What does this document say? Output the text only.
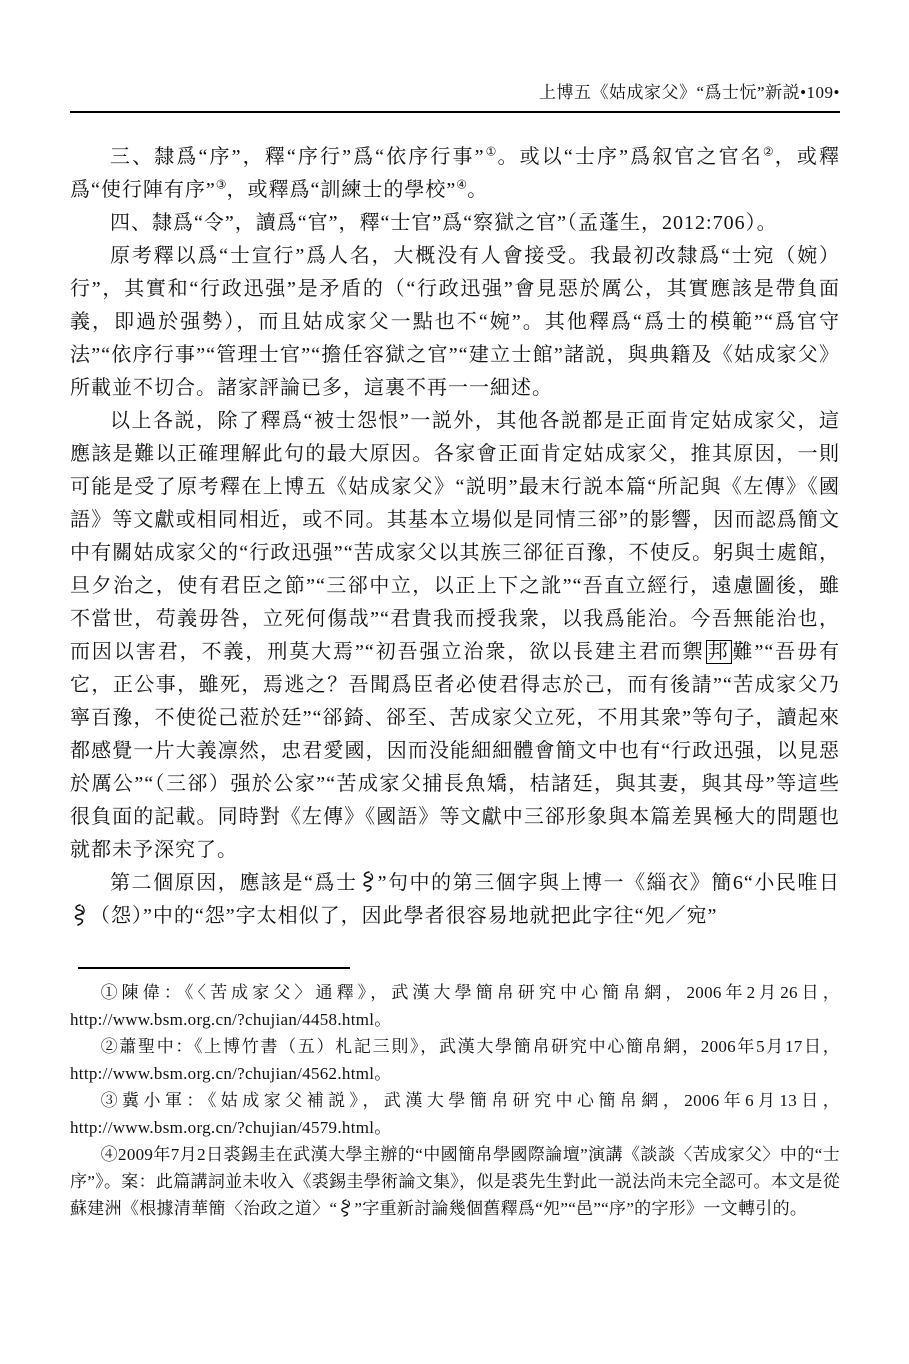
上博五《姑成家父》“爲士忨”新説•109•

三、隸爲“序”，釋“序行”爲“依序行事”①。或以“士序”爲叙官之官名②，或釋爲“使行陣有序”③，或釋爲“訓練士的學校”④。

四、隸爲“令”，讀爲“官”，釋“士官”爲“察獄之官”（孟蓬生，2012:706）。

原考釋以爲“士宣行”爲人名，大概没有人會接受。我最初改隸爲“士宛（婉）行”，其實和“行政迅强”是矛盾的（“行政迅强”會見惡於厲公，其實應該是帶負面義，即過於强勢），而且姑成家父一點也不“婉”。其他釋爲“爲士的模範”“爲官守法”“依序行事”“管理士官”“擔任容獄之官”“建立士館”諸説，與典籍及《姑成家父》所載並不切合。諸家評論已多，這裏不再一一細述。

以上各説，除了釋爲“被士怨恨”一説外，其他各説都是正面肯定姑成家父，這應該是難以正確理解此句的最大原因。各家會正面肯定姑成家父，推其原因，一則可能是受了原考釋在上博五《姑成家父》“説明”最末行説本篇“所記與《左傳》《國語》等文獻或相同相近，或不同。其基本立場似是同情三郤”的影響，因而認爲簡文中有關姑成家父的“行政迅强”“苦成家父以其族三郤征百豫，不使反。躬與士處館，旦夕治之，使有君臣之節”“三郤中立，以正上下之訛”“吾直立經行，遠慮圖後，雖不當世，苟義毋咎，立死何傷哉”“君貴我而授我衆，以我爲能治。今吾無能治也，而因以害君，不義，刑莫大焉”“初吾强立治衆，欲以長建主君而禦 邦 難”“吾毋有它，正公事，雖死，焉逃之？吾聞爲臣者必使君得志於己，而有後請”“苦成家父乃寧百豫，不使從己蒞於廷”“郤錡、郤至、苦成家父立死，不用其衆”等句子，讀起來都感覺一片大義凛然，忠君愛國，因而没能細細體會簡文中也有“行政迅强，以見惡於厲公”“（三郤）强於公家”“苦成家父捕長魚矯，桔諸廷，與其妻，與其母”等這些很負面的記載。同時對《左傳》《國語》等文獻中三郤形象與本篇差異極大的問題也就都未予深究了。

第二個原因，應該是“爲士 ”句中的第三個字與上博一《緇衣》簡6“小民唯日
（怨）”中的“怨”字太相似了，因此學者很容易地就把此字往“夗／宛”

①陳偉：《〈苦成家父〉通釋》，武漢大學簡帛研究中心簡帛網，2006年2月26日，http://www.bsm.org.cn/?chujian/4458.html。

②蕭聖中：《上博竹書（五）札記三則》，武漢大學簡帛研究中心簡帛網，2006年5月17日，http://www.bsm.org.cn/?chujian/4562.html。

③冀小軍：《姑成家父補説》，武漢大學簡帛研究中心簡帛網，2006年6月13日，http://www.bsm.org.cn/?chujian/4579.html。

④2009年7月2日裘錫圭在武漢大學主辦的“中國簡帛學國際論壇”演講《談談〈苦成家父〉中的“士序”》。案：此篇講詞並未收入《裘錫圭學術論文集》，似是裘先生對此一説法尚未完全認可。本文是從蘇建洲《根據清華簡〈治政之道〉“ ”字重新討論幾個舊釋爲“夗”“邑”“序”的字形》一文轉引的。
